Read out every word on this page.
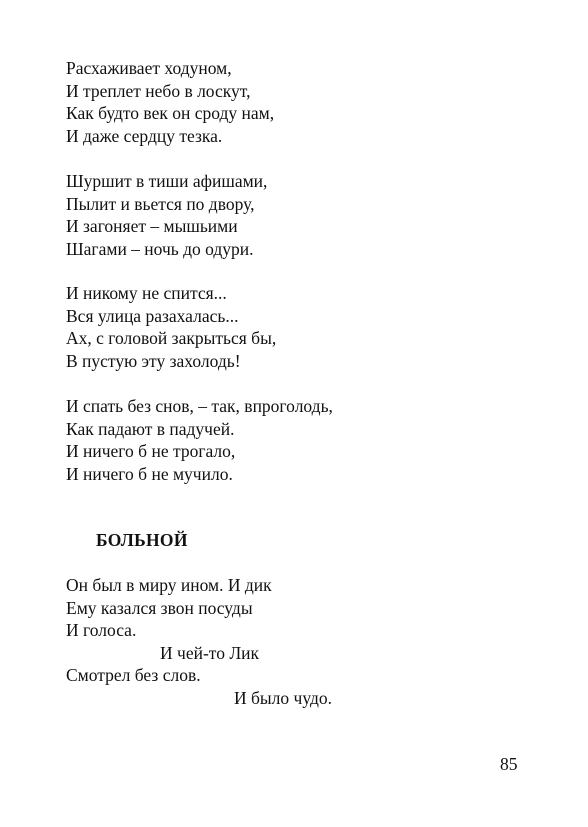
Расхаживает ходуном,
И треплет небо в лоскут,
Как будто век он сроду нам,
И даже сердцу тезка.
Шуршит в тиши афишами,
Пылит и вьется по двору,
И загоняет – мышьими
Шагами – ночь до одури.
И никому не спится...
Вся улица разахалась...
Ах, с головой закрыться бы,
В пустую эту захолодь!
И спать без снов, – так, впроголодь,
Как падают в падучей.
И ничего б не трогало,
И ничего б не мучило.
БОЛЬНОЙ
Он был в миру ином. И дик
Ему казался звон посуды
И голоса.
И чей-то Лик
Смотрел без слов.
И было чудо.
85
